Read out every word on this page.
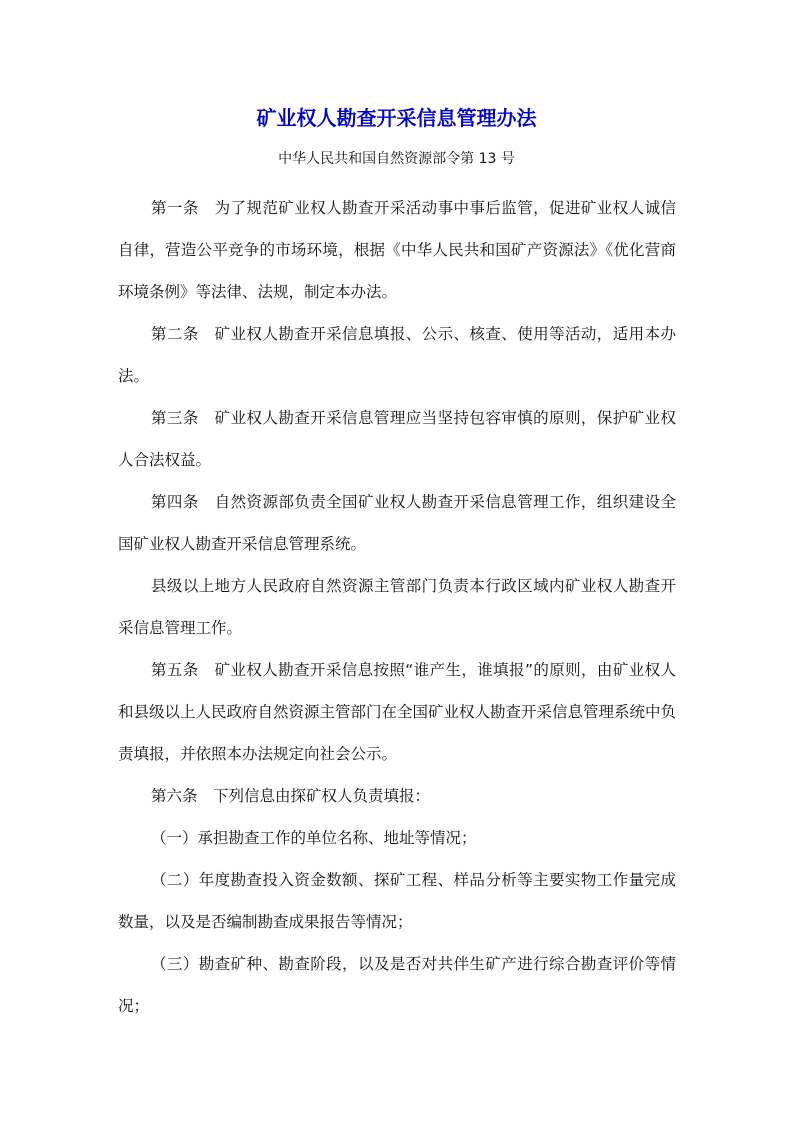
矿业权人勘查开采信息管理办法

中华人民共和国自然资源部令第 13 号

第一条　为了规范矿业权人勘查开采活动事中事后监管，促进矿业权人诚信自律，营造公平竞争的市场环境，根据《中华人民共和国矿产资源法》《优化营商环境条例》等法律、法规，制定本办法。

第二条　矿业权人勘查开采信息填报、公示、核查、使用等活动，适用本办法。

第三条　矿业权人勘查开采信息管理应当坚持包容审慎的原则，保护矿业权人合法权益。

第四条　自然资源部负责全国矿业权人勘查开采信息管理工作，组织建设全国矿业权人勘查开采信息管理系统。

县级以上地方人民政府自然资源主管部门负责本行政区域内矿业权人勘查开采信息管理工作。

第五条　矿业权人勘查开采信息按照“谁产生，谁填报”的原则，由矿业权人和县级以上人民政府自然资源主管部门在全国矿业权人勘查开采信息管理系统中负责填报，并依照本办法规定向社会公示。

第六条　下列信息由探矿权人负责填报：

（一）承担勘查工作的单位名称、地址等情况；

（二）年度勘查投入资金数额、探矿工程、样品分析等主要实物工作量完成数量，以及是否编制勘查成果报告等情况；

（三）勘查矿种、勘查阶段，以及是否对共伴生矿产进行综合勘查评价等情况；
